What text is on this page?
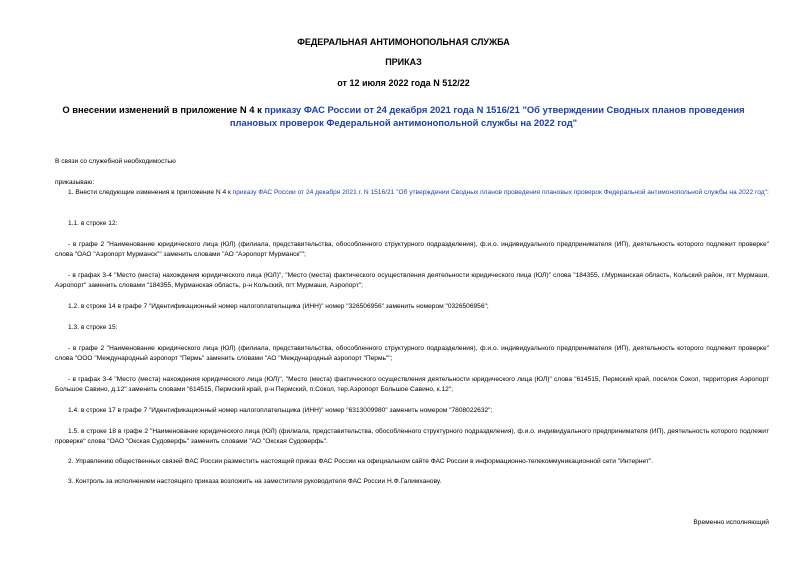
ФЕДЕРАЛЬНАЯ АНТИМОНОПОЛЬНАЯ СЛУЖБА
ПРИКАЗ
от 12 июля 2022 года N 512/22
О внесении изменений в приложение N 4 к приказу ФАС России от 24 декабря 2021 года N 1516/21 "Об утверждении Сводных планов проведения плановых проверок Федеральной антимонопольной службы на 2022 год"
В связи со служебной необходимостью
приказываю:
1. Внести следующие изменения в приложение N 4 к приказу ФАС России от 24 декабря 2021 г. N 1516/21 "Об утверждении Сводных планов проведения плановых проверок Федеральной антимонопольной службы на 2022 год":
1.1. в строке 12:
- в графе 2 "Наименование юридического лица (ЮЛ) (филиала, представительства, обособленного структурного подразделения), ф.и.о. индивидуального предпринимателя (ИП), деятельность которого подлежит проверке" слова "ОАО "Аэропорт Мурманск"" заменить словами "АО "Аэропорт Мурманск"";
- в графах 3-4 "Место (места) нахождения юридического лица (ЮЛ)", "Место (места) фактического осуществления деятельности юридического лица (ЮЛ)" слова "184355, г.Мурманская область, Кольский район, пгт Мурмаши, Аэропорт" заменить словами "184355, Мурманская область, р-н Кольский, пгт Мурмаши, Аэропорт";
1.2. в строке 14 в графе 7 "Идентификационный номер налогоплательщика (ИНН)" номер "326506956" заменить номером "0326506956";
1.3. в строке 15:
- в графе 2 "Наименование юридического лица (ЮЛ) (филиала, представительства, обособленного структурного подразделения), ф.и.о. индивидуального предпринимателя (ИП), деятельность которого подлежит проверке" слова "ООО "Международный аэропорт "Пермь" заменить словами "АО "Международный аэропорт "Пермь"";
- в графах 3-4 "Место (места) нахождения юридического лица (ЮЛ)", "Место (места) фактического осуществления деятельности юридического лица (ЮЛ)" слова "614515, Пермский край, поселок Сокол, территория Аэропорт Большое Савино, д.12" заменить словами "614515, Пермский край, р-н Пермский, п.Сокол, тер.Аэропорт Большое Савино, к.12";
1.4. в строке 17 в графе 7 "Идентификационный номер налогоплательщика (ИНН)" номер "6313009980" заменить номером "7808022632";
1.5. в строке 18 в графе 2 "Наименование юридического лица (ЮЛ) (филиала, представительства, обособленного структурного подразделения), ф.и.о. индивидуального предпринимателя (ИП), деятельность которого подлежит проверке" слова "ОАО "Окская Судоверфь" заменить словами "АО "Окская Судоверфь".
2. Управлению общественных связей ФАС России разместить настоящий приказ ФАС России на официальном сайте ФАС России в информационно-телекоммуникационной сети "Интернет".
3. Контроль за исполнением настоящего приказа возложить на заместителя руководителя ФАС России Н.Ф.Галимханову.
Временно исполняющий
